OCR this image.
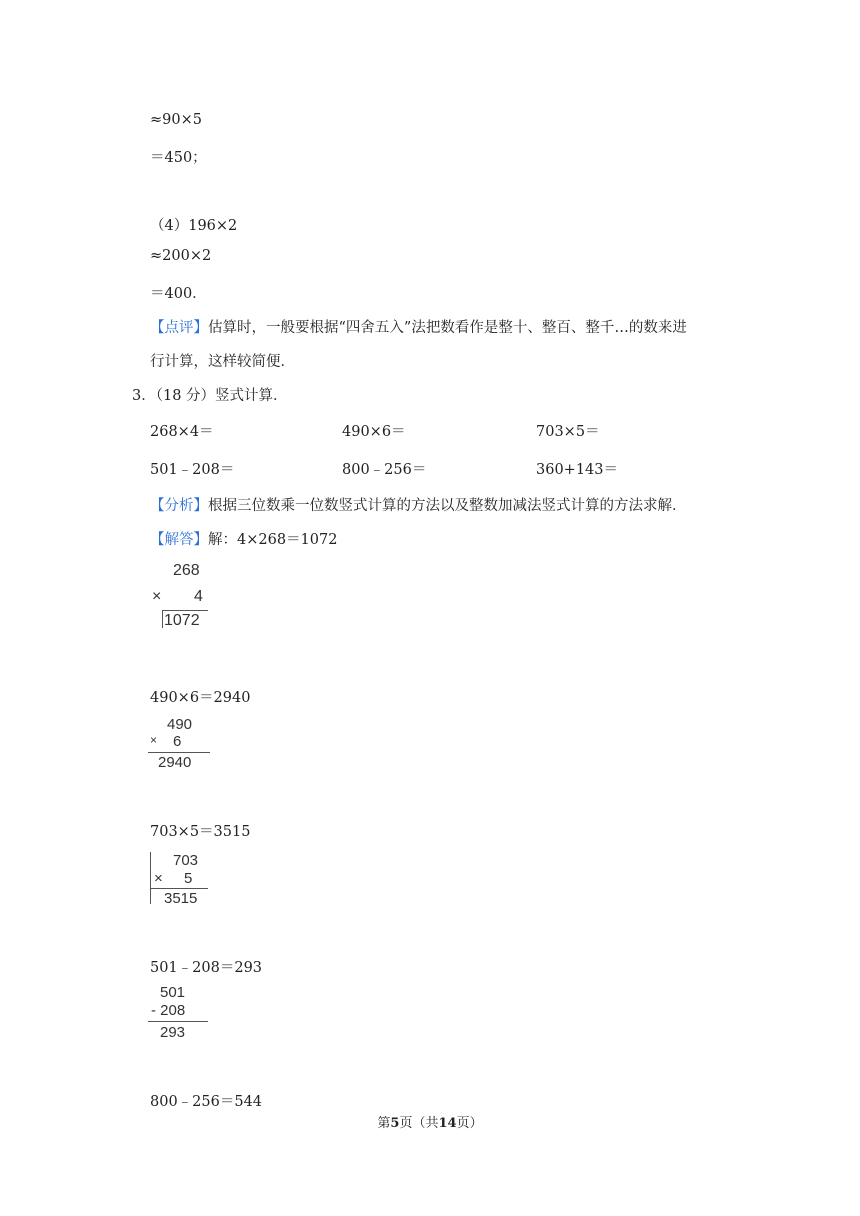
≈90×5
＝450；
（4）196×2
≈200×2
＝400．
【点评】估算时，一般要根据“四舍五入”法把数看作是整十、整百、整千…的数来进
行计算，这样较简便．
3．（18 分）竖式计算．
268×4＝	490×6＝	703×5＝
501﹣208＝	800﹣256＝	360+143＝
【分析】根据三位数乘一位数竖式计算的方法以及整数加减法竖式计算的方法求解．
【解答】解：4×268＝1072
268
× 4
1072
490×6＝2940
490
× 6
2940
703×5＝3515
703
× 5
3515
501﹣208＝293
501
- 208
293
800﹣256＝544
第5页（共14页）
